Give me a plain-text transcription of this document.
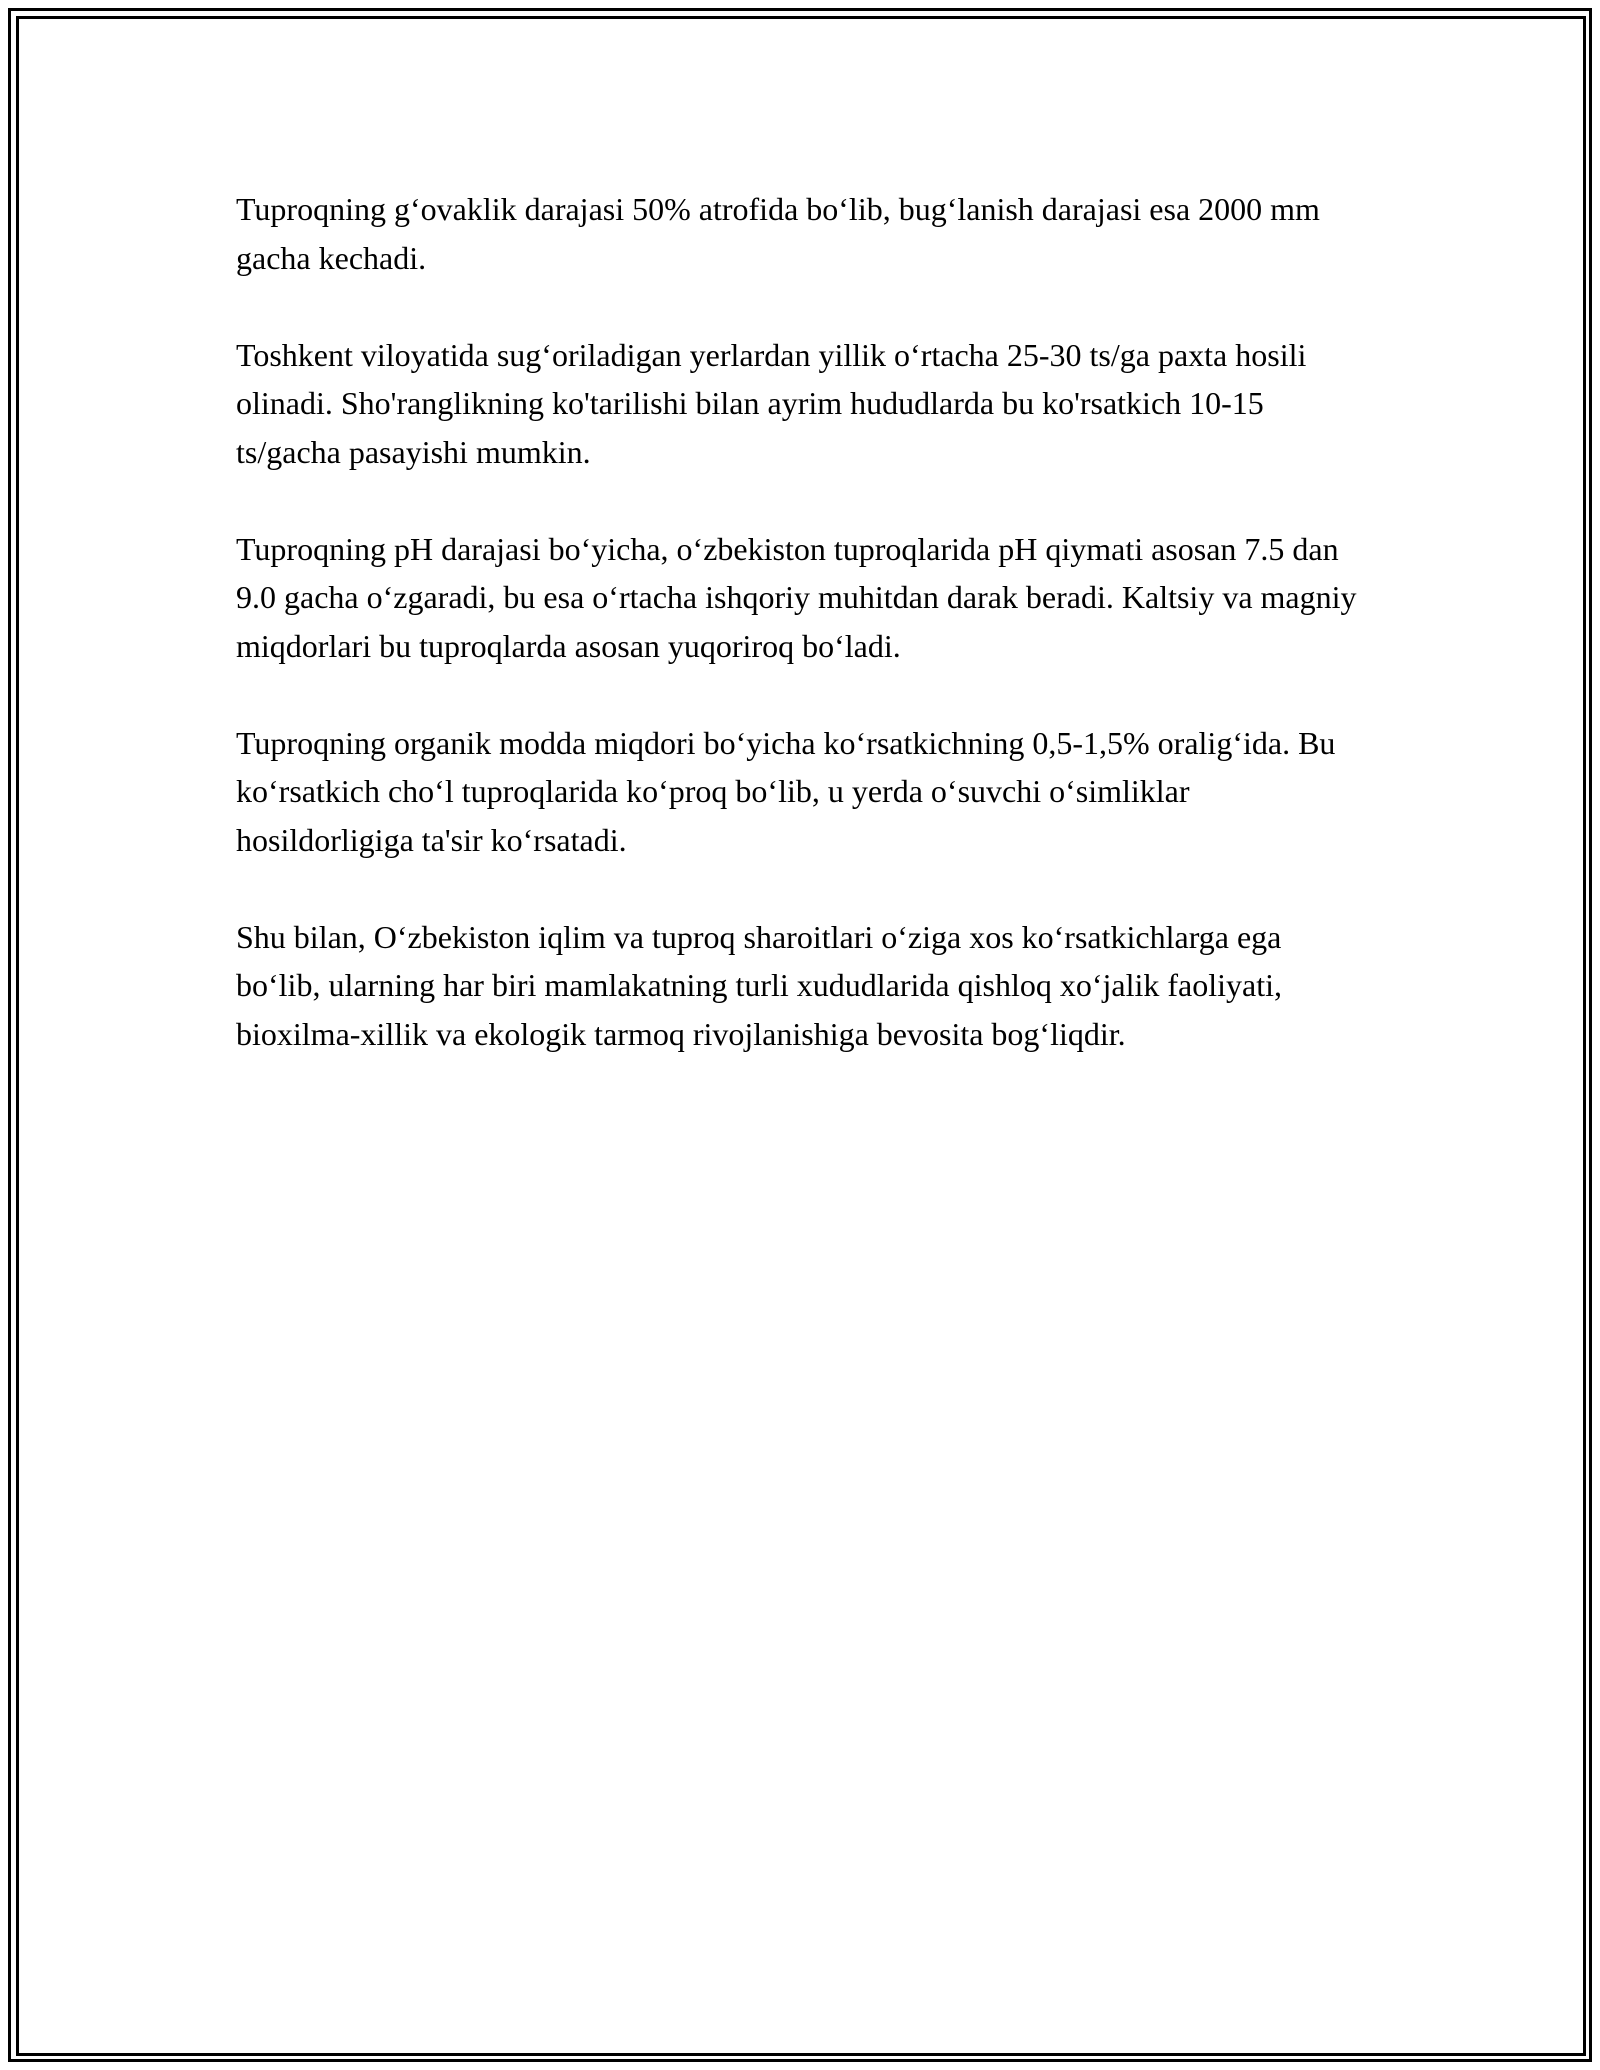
Tuproqning g‘ovaklik darajasi 50% atrofida bo‘lib, bug‘lanish darajasi esa 2000 mm gacha kechadi.

Toshkent viloyatida sug‘oriladigan yerlardan yillik o‘rtacha 25-30 ts/ga paxta hosili olinadi. Sho'ranglikning ko'tarilishi bilan ayrim hududlarda bu ko'rsatkich 10-15 ts/gacha pasayishi mumkin.

Tuproqning pH darajasi bo‘yicha, o‘zbekiston tuproqlarida pH qiymati asosan 7.5 dan 9.0 gacha o‘zgaradi, bu esa o‘rtacha ishqoriy muhitdan darak beradi. Kaltsiy va magniy miqdorlari bu tuproqlarda asosan yuqoriroq bo‘ladi.

Tuproqning organik modda miqdori bo‘yicha ko‘rsatkichning 0,5-1,5% oralig‘ida. Bu ko‘rsatkich cho‘l tuproqlarida ko‘proq bo‘lib, u yerda o‘suvchi o‘simliklar hosildorligiga ta'sir ko‘rsatadi.

Shu bilan, O‘zbekiston iqlim va tuproq sharoitlari o‘ziga xos ko‘rsatkichlarga ega bo‘lib, ularning har biri mamlakatning turli xududlarida qishloq xo‘jalik faoliyati, bioxilma-xillik va ekologik tarmoq rivojlanishiga bevosita bog‘liqdir.
